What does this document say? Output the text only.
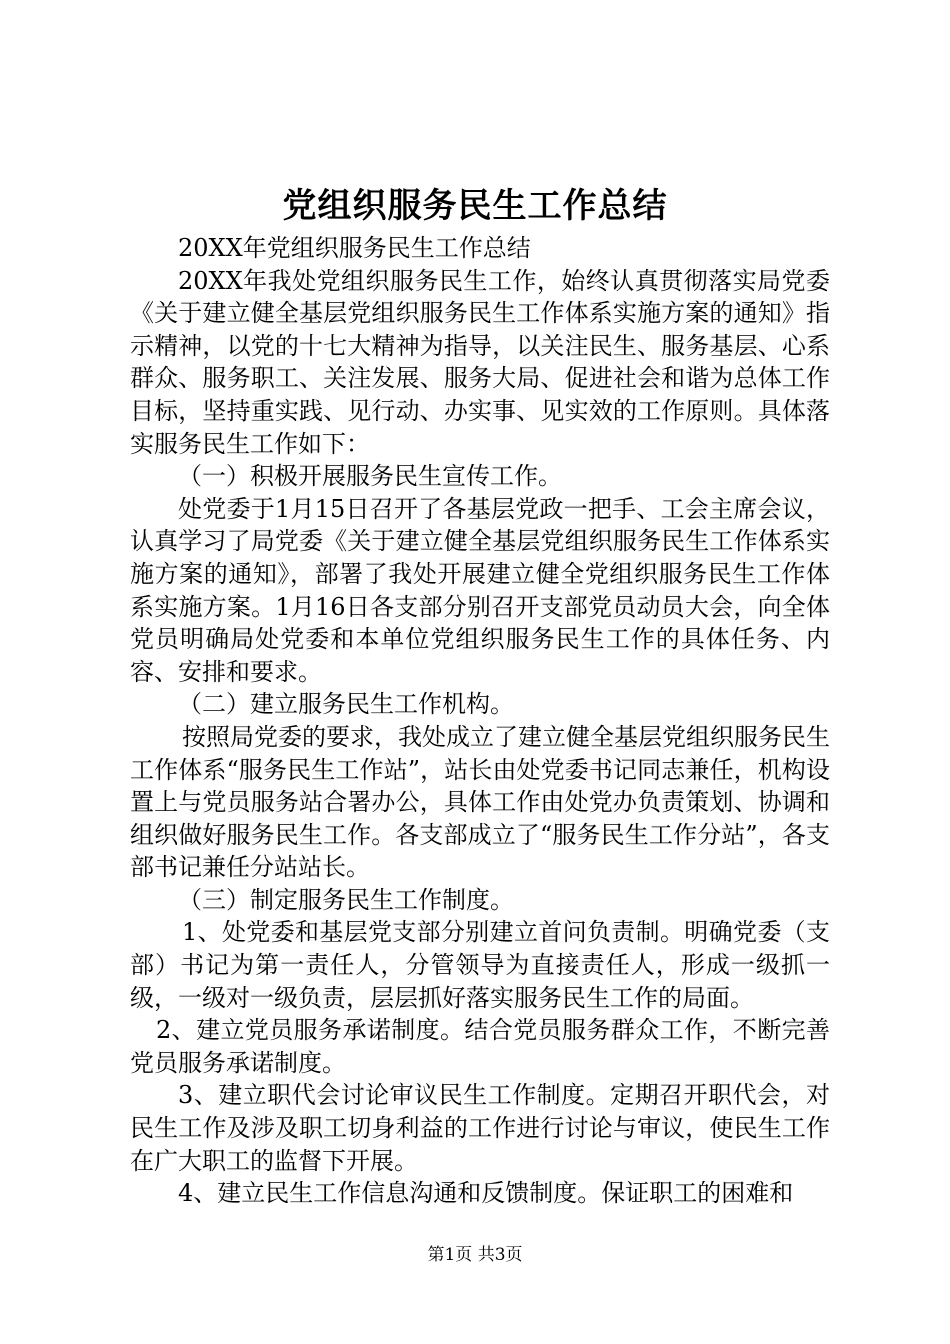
党组织服务民生工作总结

20XX年党组织服务民生工作总结

20XX年我处党组织服务民生工作，始终认真贯彻落实局党委《关于建立健全基层党组织服务民生工作体系实施方案的通知》指示精神，以党的十七大精神为指导，以关注民生、服务基层、心系群众、服务职工、关注发展、服务大局、促进社会和谐为总体工作目标，坚持重实践、见行动、办实事、见实效的工作原则。具体落实服务民生工作如下：

（一）积极开展服务民生宣传工作。

处党委于1月15日召开了各基层党政一把手、工会主席会议，认真学习了局党委《关于建立健全基层党组织服务民生工作体系实施方案的通知》，部署了我处开展建立健全党组织服务民生工作体系实施方案。1月16日各支部分别召开支部党员动员大会，向全体党员明确局处党委和本单位党组织服务民生工作的具体任务、内容、安排和要求。

（二）建立服务民生工作机构。

按照局党委的要求，我处成立了建立健全基层党组织服务民生工作体系“服务民生工作站”，站长由处党委书记同志兼任，机构设置上与党员服务站合署办公，具体工作由处党办负责策划、协调和组织做好服务民生工作。各支部成立了“服务民生工作分站”，各支部书记兼任分站站长。

（三）制定服务民生工作制度。

1、处党委和基层党支部分别建立首问负责制。明确党委（支部）书记为第一责任人，分管领导为直接责任人，形成一级抓一级，一级对一级负责，层层抓好落实服务民生工作的局面。

2、建立党员服务承诺制度。结合党员服务群众工作，不断完善党员服务承诺制度。

3、建立职代会讨论审议民生工作制度。定期召开职代会，对民生工作及涉及职工切身利益的工作进行讨论与审议，使民生工作在广大职工的监督下开展。

4、建立民生工作信息沟通和反馈制度。保证职工的困难和

第1页 共3页
